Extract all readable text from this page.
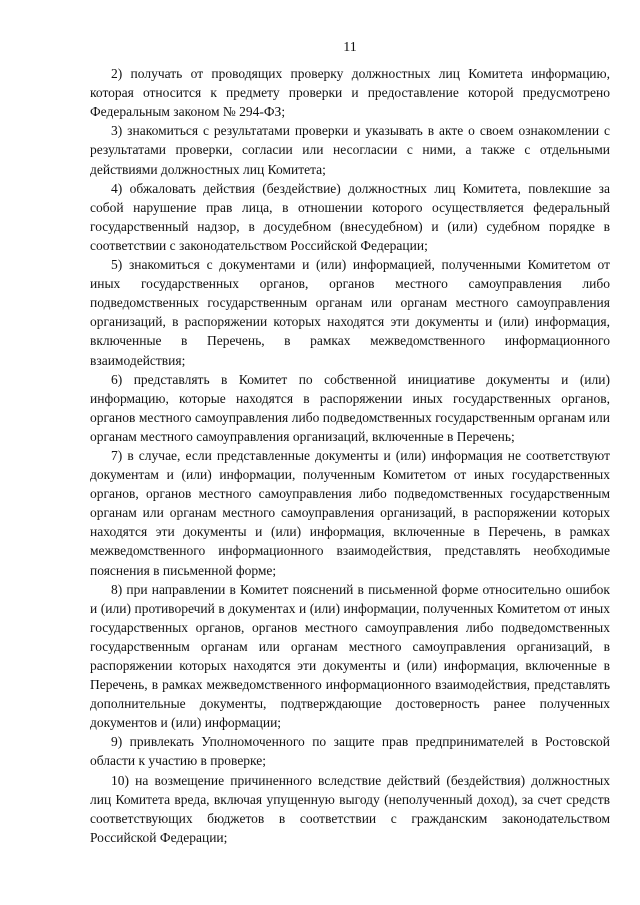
11

2) получать от проводящих проверку должностных лиц Комитета информацию, которая относится к предмету проверки и предоставление которой предусмотрено Федеральным законом № 294-ФЗ;

3) знакомиться с результатами проверки и указывать в акте о своем ознакомлении с результатами проверки, согласии или несогласии с ними, а также с отдельными действиями должностных лиц Комитета;

4) обжаловать действия (бездействие) должностных лиц Комитета, повлекшие за собой нарушение прав лица, в отношении которого осуществляется федеральный государственный надзор, в досудебном (внесудебном) и (или) судебном порядке в соответствии с законодательством Российской Федерации;

5) знакомиться с документами и (или) информацией, полученными Комитетом от иных государственных органов, органов местного самоуправления либо подведомственных государственным органам или органам местного самоуправления организаций, в распоряжении которых находятся эти документы и (или) информация, включенные в Перечень, в рамках межведомственного информационного взаимодействия;

6) представлять в Комитет по собственной инициативе документы и (или) информацию, которые находятся в распоряжении иных государственных органов, органов местного самоуправления либо подведомственных государственным органам или органам местного самоуправления организаций, включенные в Перечень;

7) в случае, если представленные документы и (или) информация не соответствуют документам и (или) информации, полученным Комитетом от иных государственных органов, органов местного самоуправления либо подведомственных государственным органам или органам местного самоуправления организаций, в распоряжении которых находятся эти документы и (или) информация, включенные в Перечень, в рамках межведомственного информационного взаимодействия, представлять необходимые пояснения в письменной форме;

8) при направлении в Комитет пояснений в письменной форме относительно ошибок и (или) противоречий в документах и (или) информации, полученных Комитетом от иных государственных органов, органов местного самоуправления либо подведомственных государственным органам или органам местного самоуправления организаций, в распоряжении которых находятся эти документы и (или) информация, включенные в Перечень, в рамках межведомственного информационного взаимодействия, представлять дополнительные документы, подтверждающие достоверность ранее полученных документов и (или) информации;

9) привлекать Уполномоченного по защите прав предпринимателей в Ростовской области к участию в проверке;

10) на возмещение причиненного вследствие действий (бездействия) должностных лиц Комитета вреда, включая упущенную выгоду (неполученный доход), за счет средств соответствующих бюджетов в соответствии с гражданским законодательством Российской Федерации;
